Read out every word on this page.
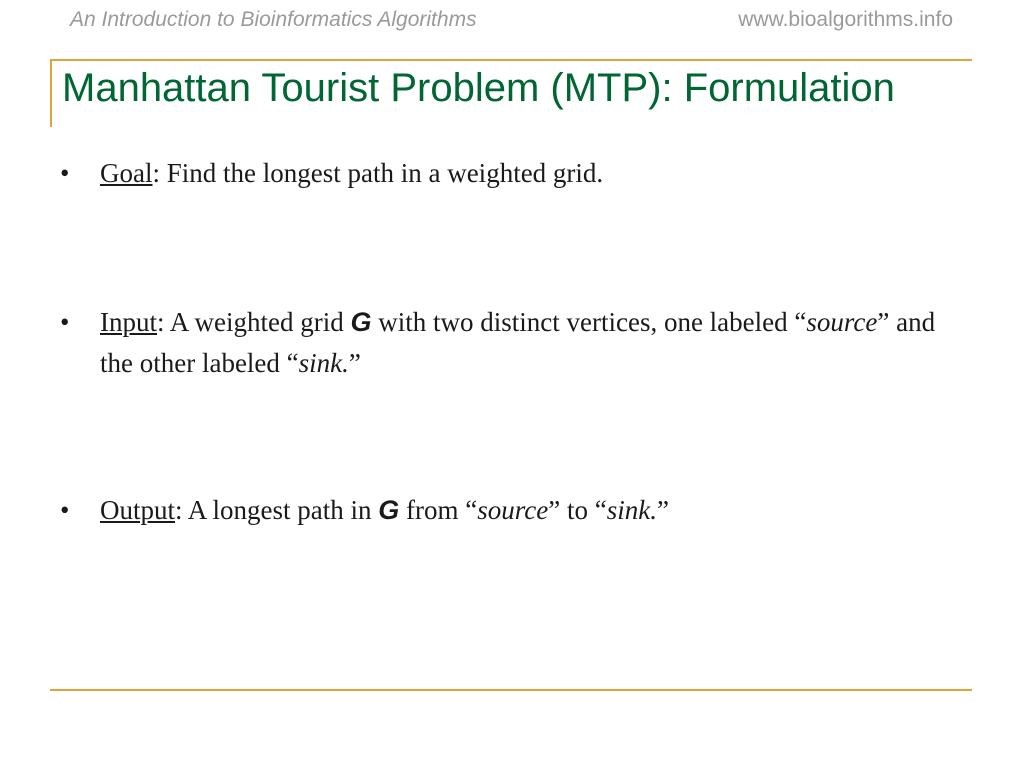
An Introduction to Bioinformatics Algorithms	www.bioalgorithms.info
Manhattan Tourist Problem (MTP): Formulation
• Goal: Find the longest path in a weighted grid.
• Input: A weighted grid G with two distinct vertices, one labeled “source” and the other labeled “sink.”
• Output: A longest path in G from “source” to “sink.”
